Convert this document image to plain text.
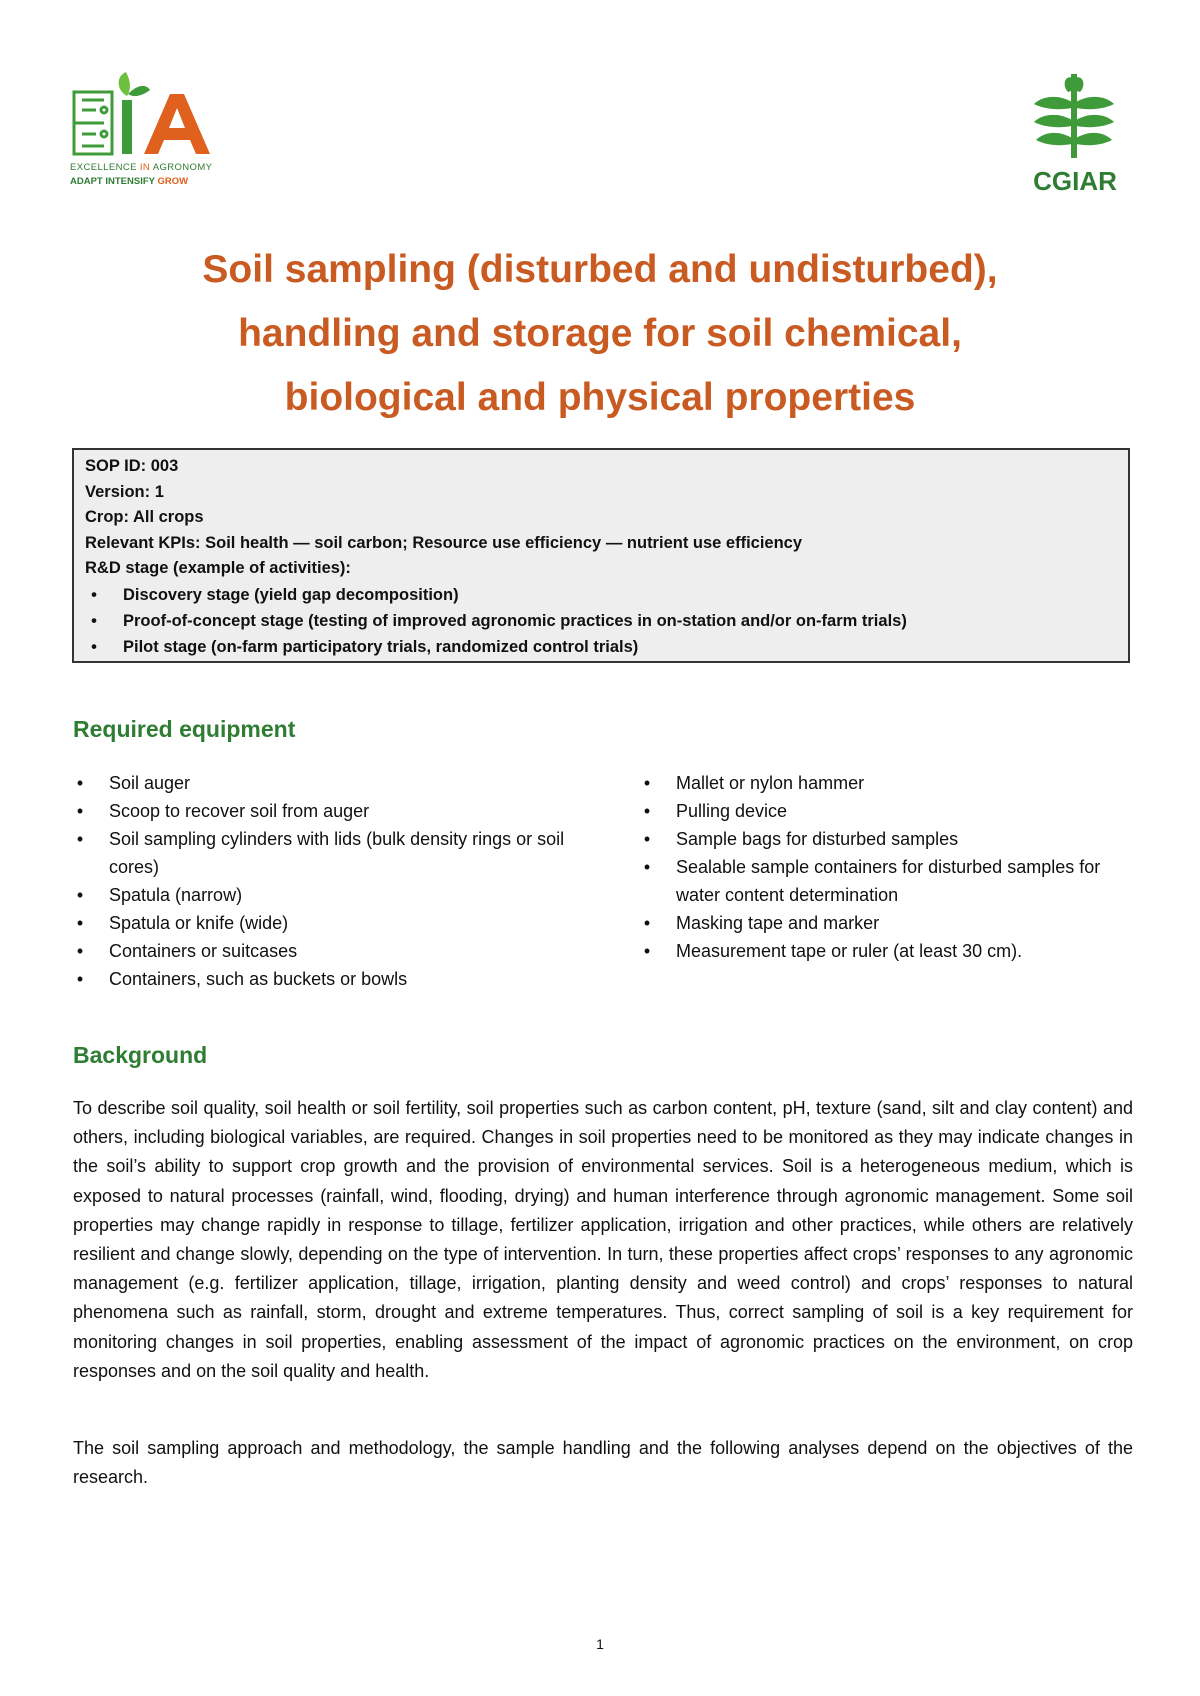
EXCELLENCE IN AGRONOMY
ADAPT INTENSIFY GROW	CGIAR
Soil sampling (disturbed and undisturbed),
handling and storage for soil chemical,
biological and physical properties
SOP ID: 003
Version: 1
Crop: All crops
Relevant KPIs: Soil health — soil carbon; Resource use efficiency — nutrient use efficiency
R&D stage (example of activities):
• Discovery stage (yield gap decomposition)
• Proof-of-concept stage (testing of improved agronomic practices in on-station and/or on-farm trials)
• Pilot stage (on-farm participatory trials, randomized control trials)
Required equipment
• Soil auger
• Scoop to recover soil from auger
• Soil sampling cylinders with lids (bulk density rings or soil cores)
• Spatula (narrow)
• Spatula or knife (wide)
• Containers or suitcases
• Containers, such as buckets or bowls
• Mallet or nylon hammer
• Pulling device
• Sample bags for disturbed samples
• Sealable sample containers for disturbed samples for water content determination
• Masking tape and marker
• Measurement tape or ruler (at least 30 cm).
Background

To describe soil quality, soil health or soil fertility, soil properties such as carbon content, pH, texture (sand, silt and clay content) and others, including biological variables, are required. Changes in soil properties need to be monitored as they may indicate changes in the soil’s ability to support crop growth and the provision of environmental services. Soil is a heterogeneous medium, which is exposed to natural processes (rainfall, wind, flooding, drying) and human interference through agronomic management. Some soil properties may change rapidly in response to tillage, fertilizer application, irrigation and other practices, while others are relatively resilient and change slowly, depending on the type of intervention. In turn, these properties affect crops’ responses to any agronomic management (e.g. fertilizer application, tillage, irrigation, planting density and weed control) and crops’ responses to natural phenomena such as rainfall, storm, drought and extreme temperatures. Thus, correct sampling of soil is a key requirement for monitoring changes in soil properties, enabling assessment of the impact of agronomic practices on the environment, on crop responses and on the soil quality and health.

The soil sampling approach and methodology, the sample handling and the following analyses depend on the objectives of the research.

1
